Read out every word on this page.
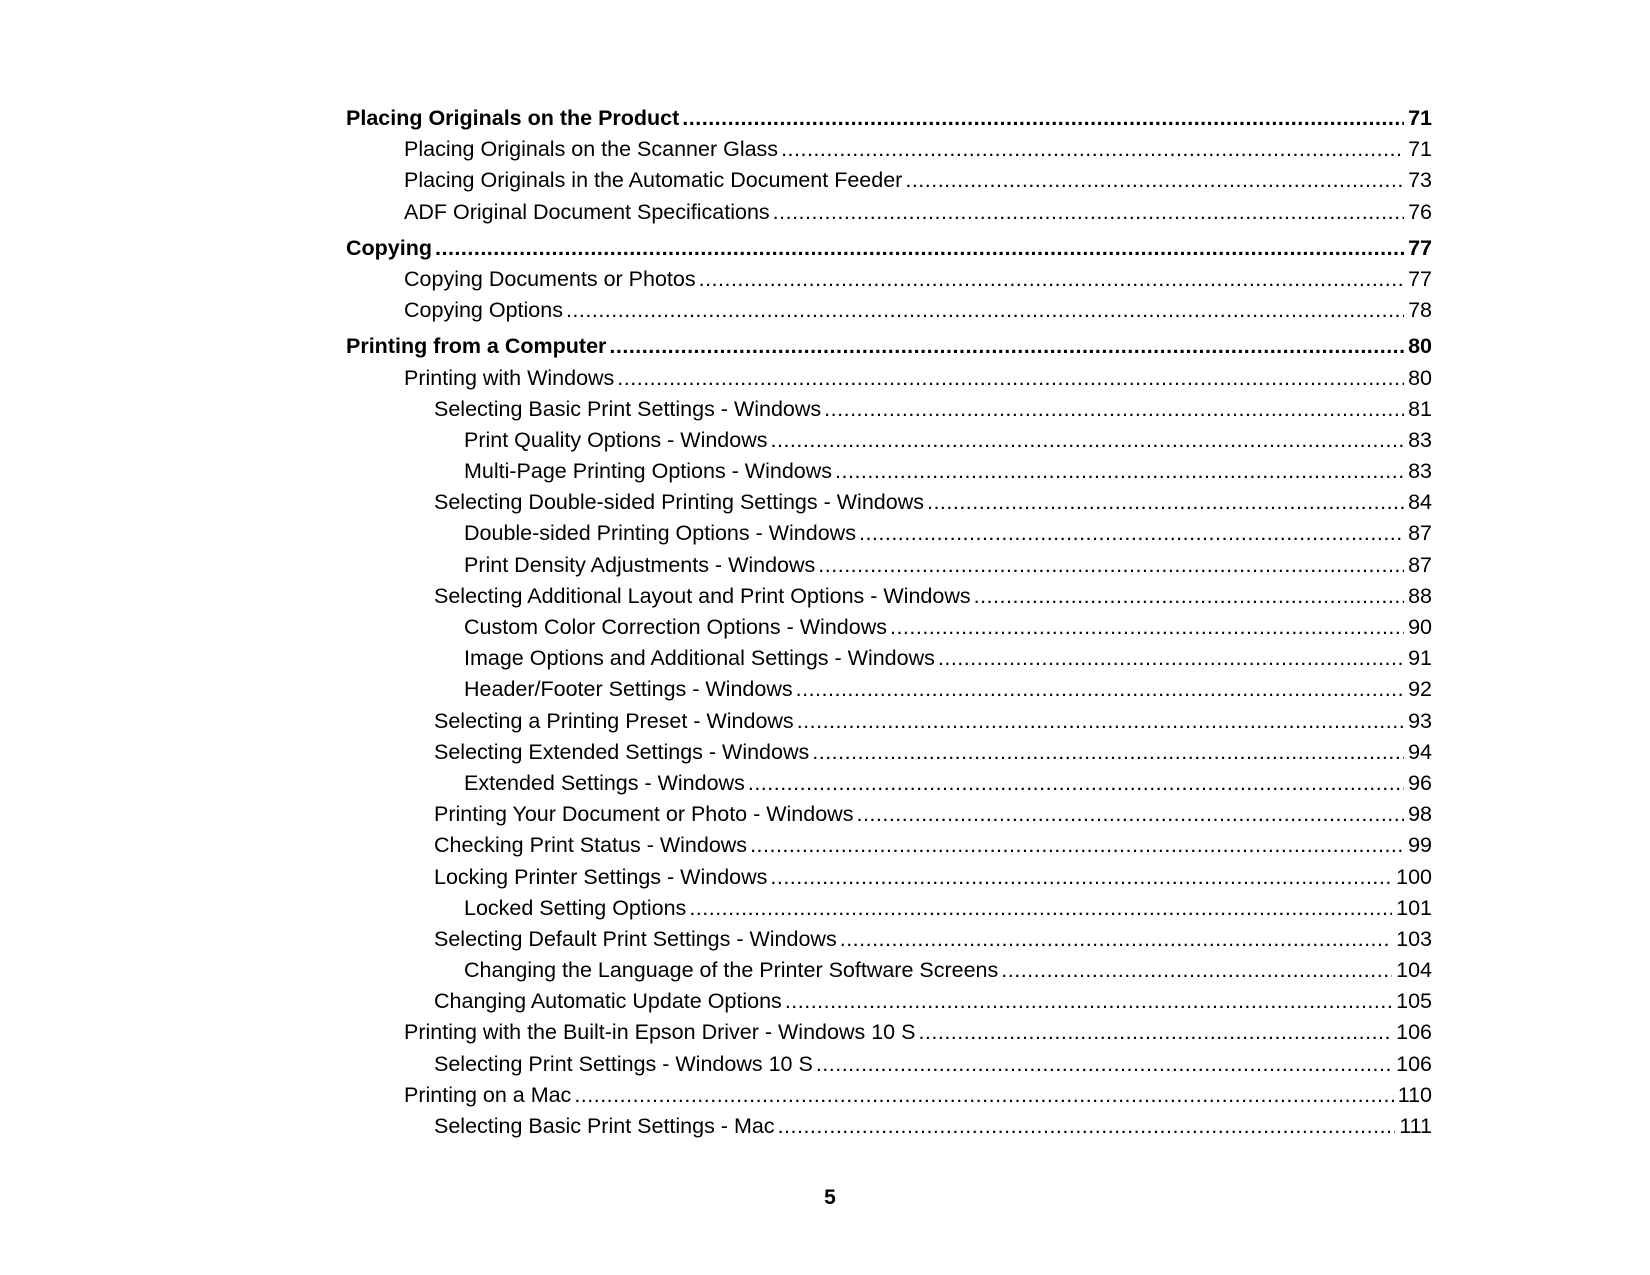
Placing Originals on the Product .....	71
Placing Originals on the Scanner Glass .....	71
Placing Originals in the Automatic Document Feeder .....	73
ADF Original Document Specifications .....	76
Copying .....	77
Copying Documents or Photos .....	77
Copying Options .....	78
Printing from a Computer .....	80
Printing with Windows .....	80
Selecting Basic Print Settings - Windows .....	81
Print Quality Options - Windows .....	83
Multi-Page Printing Options - Windows .....	83
Selecting Double-sided Printing Settings - Windows .....	84
Double-sided Printing Options - Windows .....	87
Print Density Adjustments - Windows .....	87
Selecting Additional Layout and Print Options - Windows .....	88
Custom Color Correction Options - Windows .....	90
Image Options and Additional Settings - Windows .....	91
Header/Footer Settings - Windows .....	92
Selecting a Printing Preset - Windows .....	93
Selecting Extended Settings - Windows .....	94
Extended Settings - Windows .....	96
Printing Your Document or Photo - Windows .....	98
Checking Print Status - Windows .....	99
Locking Printer Settings - Windows .....	100
Locked Setting Options .....	101
Selecting Default Print Settings - Windows .....	103
Changing the Language of the Printer Software Screens .....	104
Changing Automatic Update Options .....	105
Printing with the Built-in Epson Driver - Windows 10 S .....	106
Selecting Print Settings - Windows 10 S .....	106
Printing on a Mac .....	110
Selecting Basic Print Settings - Mac .....	111
5
